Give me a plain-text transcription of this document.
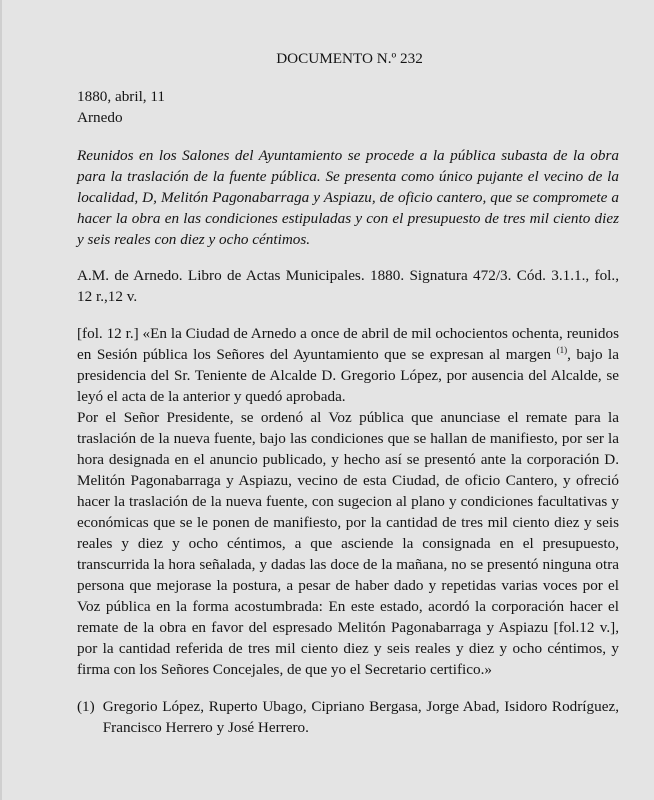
DOCUMENTO N.º 232
1880, abril, 11
Arnedo
Reunidos en los Salones del Ayuntamiento se procede a la pública subasta de la obra para la traslación de la fuente pública. Se presenta como único pujante el vecino de la localidad, D, Melitón Pagonabarraga y Aspiazu, de oficio cantero, que se compromete a hacer la obra en las condiciones estipuladas y con el presupuesto de tres mil ciento diez y seis reales con diez y ocho céntimos.
A.M. de Arnedo. Libro de Actas Municipales. 1880. Signatura 472/3. Cód. 3.1.1., fol., 12 r.,12 v.

[fol. 12 r.] «En la Ciudad de Arnedo a once de abril de mil ochocientos ochenta, reunidos en Sesión pública los Señores del Ayuntamiento que se expresan al margen $^{(1)}$, bajo la presidencia del Sr. Teniente de Alcalde D. Gregorio López, por ausencia del Alcalde, se leyó el acta de la anterior y quedó aprobada.

Por el Señor Presidente, se ordenó al Voz pública que anunciase el remate para la traslación de la nueva fuente, bajo las condiciones que se hallan de manifiesto, por ser la hora designada en el anuncio publicado, y hecho así se presentó ante la corporación D. Melitón Pagonabarraga y Aspiazu, vecino de esta Ciudad, de oficio Cantero, y ofreció hacer la traslación de la nueva fuente, con sugecion al plano y condiciones facultativas y económicas que se le ponen de manifiesto, por la cantidad de tres mil ciento diez y seis reales y diez y ocho céntimos, a que asciende la consignada en el presupuesto, transcurrida la hora señalada, y dadas las doce de la mañana, no se presentó ninguna otra persona que mejorase la postura, a pesar de haber dado y repetidas varias voces por el Voz pública en la forma acostumbrada: En este estado, acordó la corporación hacer el remate de la obra en favor del espresado Melitón Pagonabarraga y Aspiazu [fol.12 v.], por la cantidad referida de tres mil ciento diez y seis reales y diez y ocho céntimos, y firma con los Señores Concejales, de que yo el Secretario certifico.»

(1) Gregorio López, Ruperto Ubago, Cipriano Bergasa, Jorge Abad, Isidoro Rodríguez, Francisco Herrero y José Herrero.
